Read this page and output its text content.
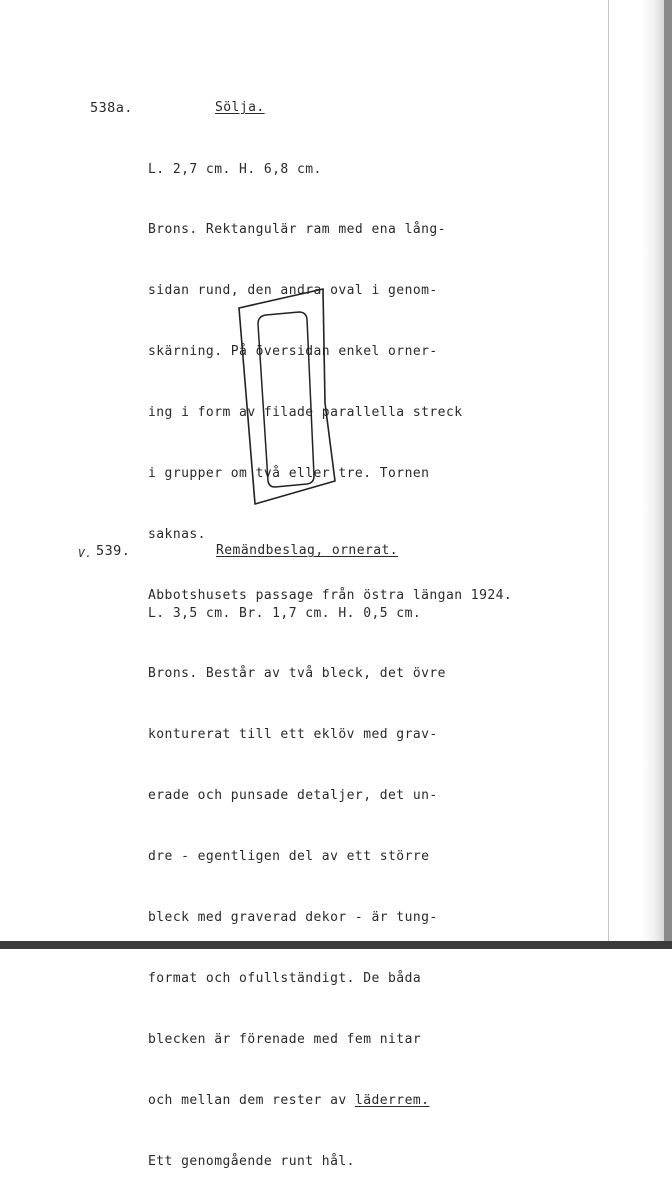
538a.	Sölja.

L. 2,7 cm. H. 6,8 cm.

Brons. Rektangulär ram med ena lång-

sidan rund, den andra oval i genom-

skärning. På översidan enkel orner-

ing i form av filade parallella streck

i grupper om två eller tre. Tornen

saknas.

Abbotshusets passage från östra längan 1924.

V. 539.	Remändbeslag, ornerat.

L. 3,5 cm. Br. 1,7 cm. H. 0,5 cm.

Brons. Består av två bleck, det övre

konturerat till ett eklöv med grav-

erade och punsade detaljer, det un-

dre - egentligen del av ett större

bleck med graverad dekor - är tung-

format och ofullständigt. De båda

blecken är förenade med fem nitar

och mellan dem rester av läderrem.

Ett genomgående runt hål.
